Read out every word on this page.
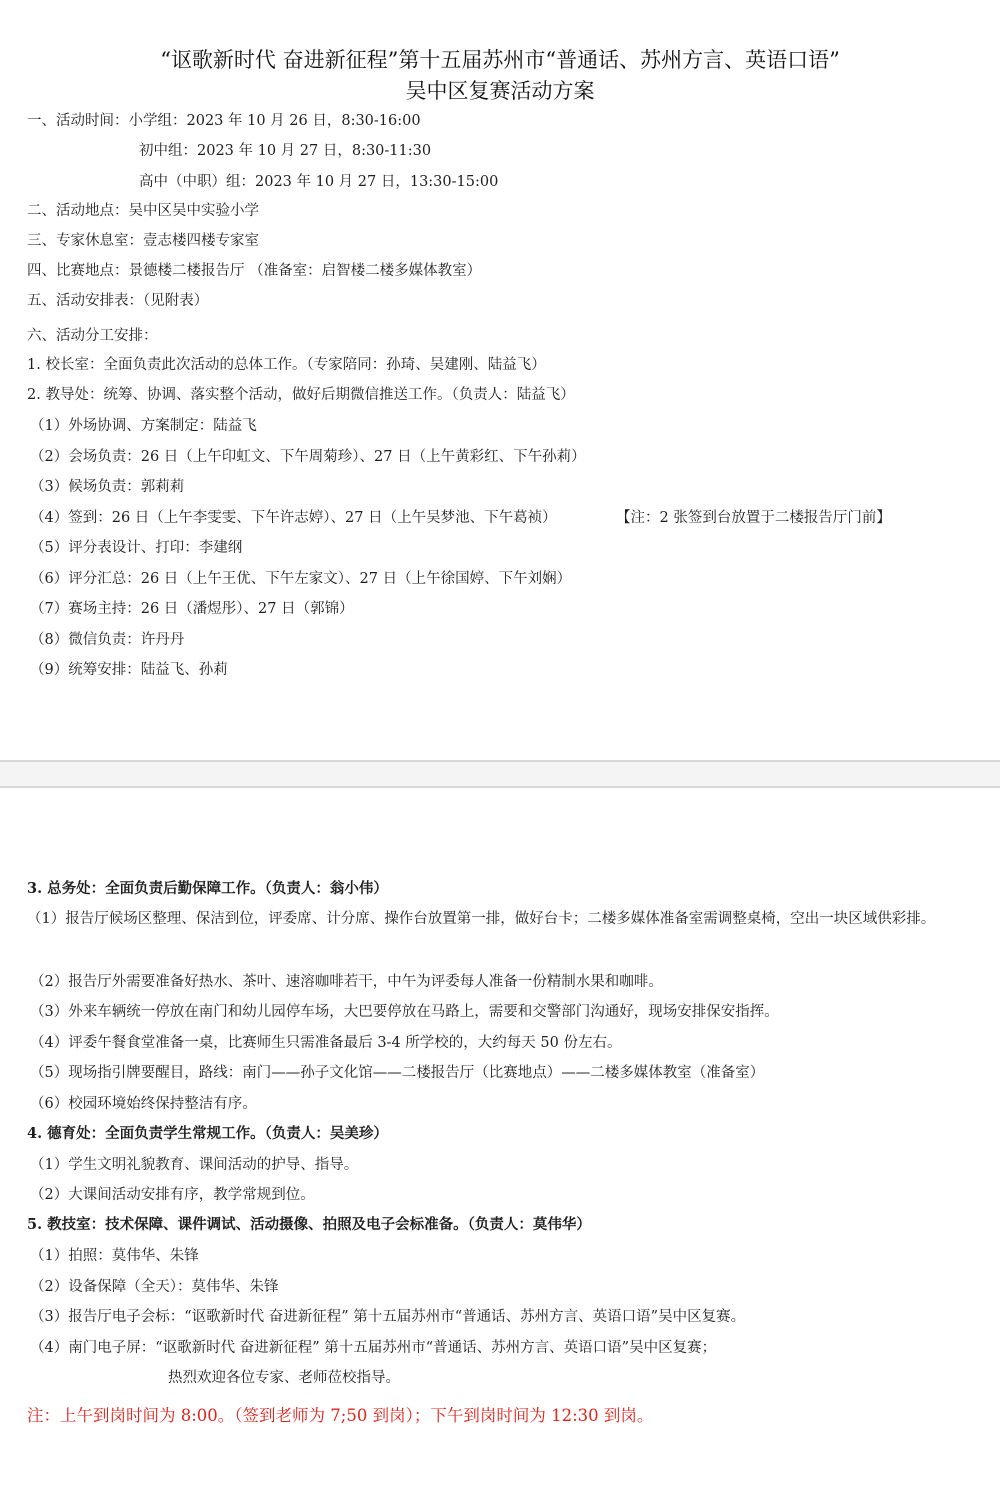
“讴歌新时代 奋进新征程”第十五届苏州市“普通话、苏州方言、英语口语”
吴中区复赛活动方案
一、活动时间：小学组：2023 年 10 月 26 日，8:30-16:00
初中组：2023 年 10 月 27 日，8:30-11:30
高中（中职）组：2023 年 10 月 27 日，13:30-15:00
二、活动地点：吴中区吴中实验小学
三、专家休息室：壹志楼四楼专家室
四、比赛地点：景德楼二楼报告厅 （准备室：启智楼二楼多媒体教室）
五、活动安排表：（见附表）
六、活动分工安排：
1. 校长室：全面负责此次活动的总体工作。（专家陪同：孙琦、吴建刚、陆益飞）
2. 教导处：统筹、协调、落实整个活动，做好后期微信推送工作。（负责人：陆益飞）
（1）外场协调、方案制定：陆益飞
（2）会场负责：26 日（上午印虹文、下午周菊珍）、27 日（上午黄彩红、下午孙莉）
（3）候场负责：郭莉莉
（4）签到：26 日（上午李雯雯、下午许志婷）、27 日（上午吴梦池、下午葛祯）	【注：2 张签到台放置于二楼报告厅门前】
（5）评分表设计、打印：李建纲
（6）评分汇总：26 日（上午王优、下午左家文）、27 日（上午徐国婷、下午刘娴）
（7）赛场主持：26 日（潘煜彤）、27 日（郭锦）
（8）微信负责：许丹丹
（9）统筹安排：陆益飞、孙莉
3. 总务处：全面负责后勤保障工作。（负责人：翁小伟）
（1）报告厅候场区整理、保洁到位，评委席、计分席、操作台放置第一排，做好台卡；二楼多媒体准备室需调整桌椅，空出一块区域供彩排。
（2）报告厅外需要准备好热水、茶叶、速溶咖啡若干，中午为评委每人准备一份精制水果和咖啡。
（3）外来车辆统一停放在南门和幼儿园停车场，大巴要停放在马路上，需要和交警部门沟通好，现场安排保安指挥。
（4）评委午餐食堂准备一桌，比赛师生只需准备最后 3-4 所学校的，大约每天 50 份左右。
（5）现场指引牌要醒目，路线：南门——孙子文化馆——二楼报告厅（比赛地点）——二楼多媒体教室（准备室）
（6）校园环境始终保持整洁有序。
4. 德育处：全面负责学生常规工作。（负责人：吴美珍）
（1）学生文明礼貌教育、课间活动的护导、指导。
（2）大课间活动安排有序，教学常规到位。
5. 教技室：技术保障、课件调试、活动摄像、拍照及电子会标准备。（负责人：莫伟华）
（1）拍照：莫伟华、朱锋
（2）设备保障（全天）：莫伟华、朱锋
（3）报告厅电子会标：“讴歌新时代 奋进新征程” 第十五届苏州市“普通话、苏州方言、英语口语”吴中区复赛。
（4）南门电子屏：“讴歌新时代 奋进新征程” 第十五届苏州市“普通话、苏州方言、英语口语”吴中区复赛；
热烈欢迎各位专家、老师莅校指导。
注：上午到岗时间为 8:00。（签到老师为 7;50 到岗）；下午到岗时间为 12:30 到岗。
